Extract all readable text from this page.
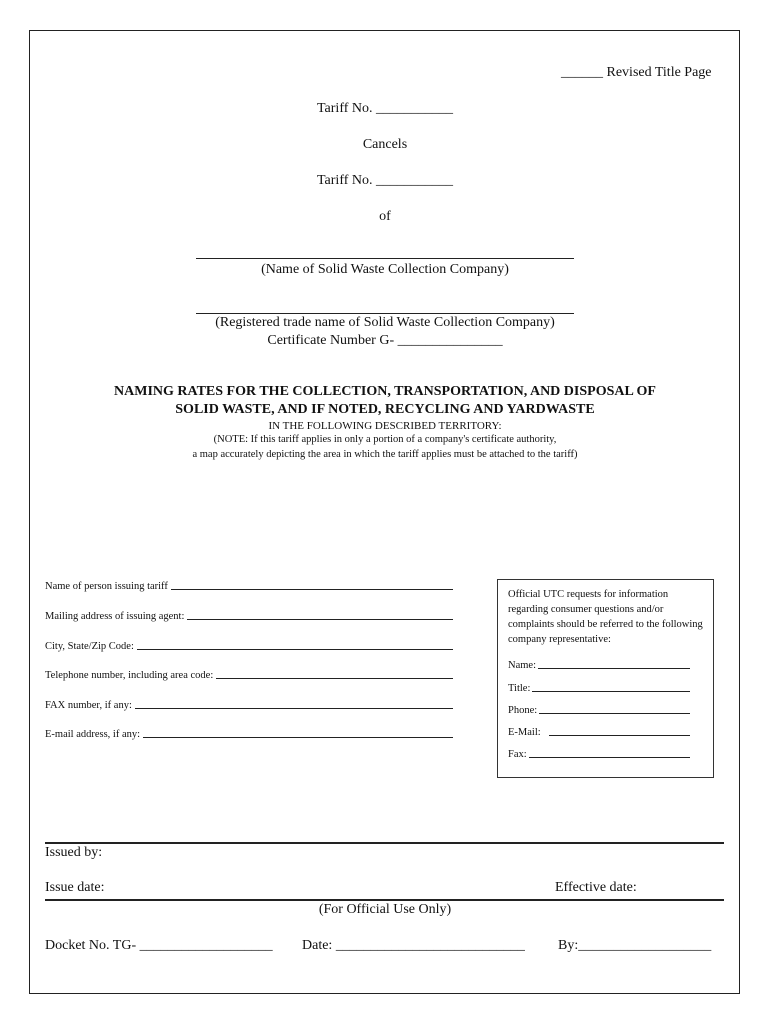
______ Revised Title Page
Tariff No. ___________
Cancels
Tariff No. ___________
of
(Name of Solid Waste Collection Company)
(Registered trade name of Solid Waste Collection Company)
Certificate Number G- _______________
NAMING RATES FOR THE COLLECTION, TRANSPORTATION, AND DISPOSAL OF
SOLID WASTE, AND IF NOTED, RECYCLING AND YARDWASTE
IN THE FOLLOWING DESCRIBED TERRITORY:
(NOTE: If this tariff applies in only a portion of a company's certificate authority,
a map accurately depicting the area in which the tariff applies must be attached to the tariff)
Name of person issuing tariff
Mailing address of issuing agent:
City, State/Zip Code:
Telephone number, including area code:
FAX number, if any:
E-mail address, if any:
Official UTC requests for information regarding consumer questions and/or complaints should be referred to the following company representative:
Name:
Title:
Phone:
E-Mail:
Fax:
Issued by:
Issue date:	Effective date:
(For Official Use Only)
Docket No. TG- ___________________ Date: ___________________________ By:___________________
